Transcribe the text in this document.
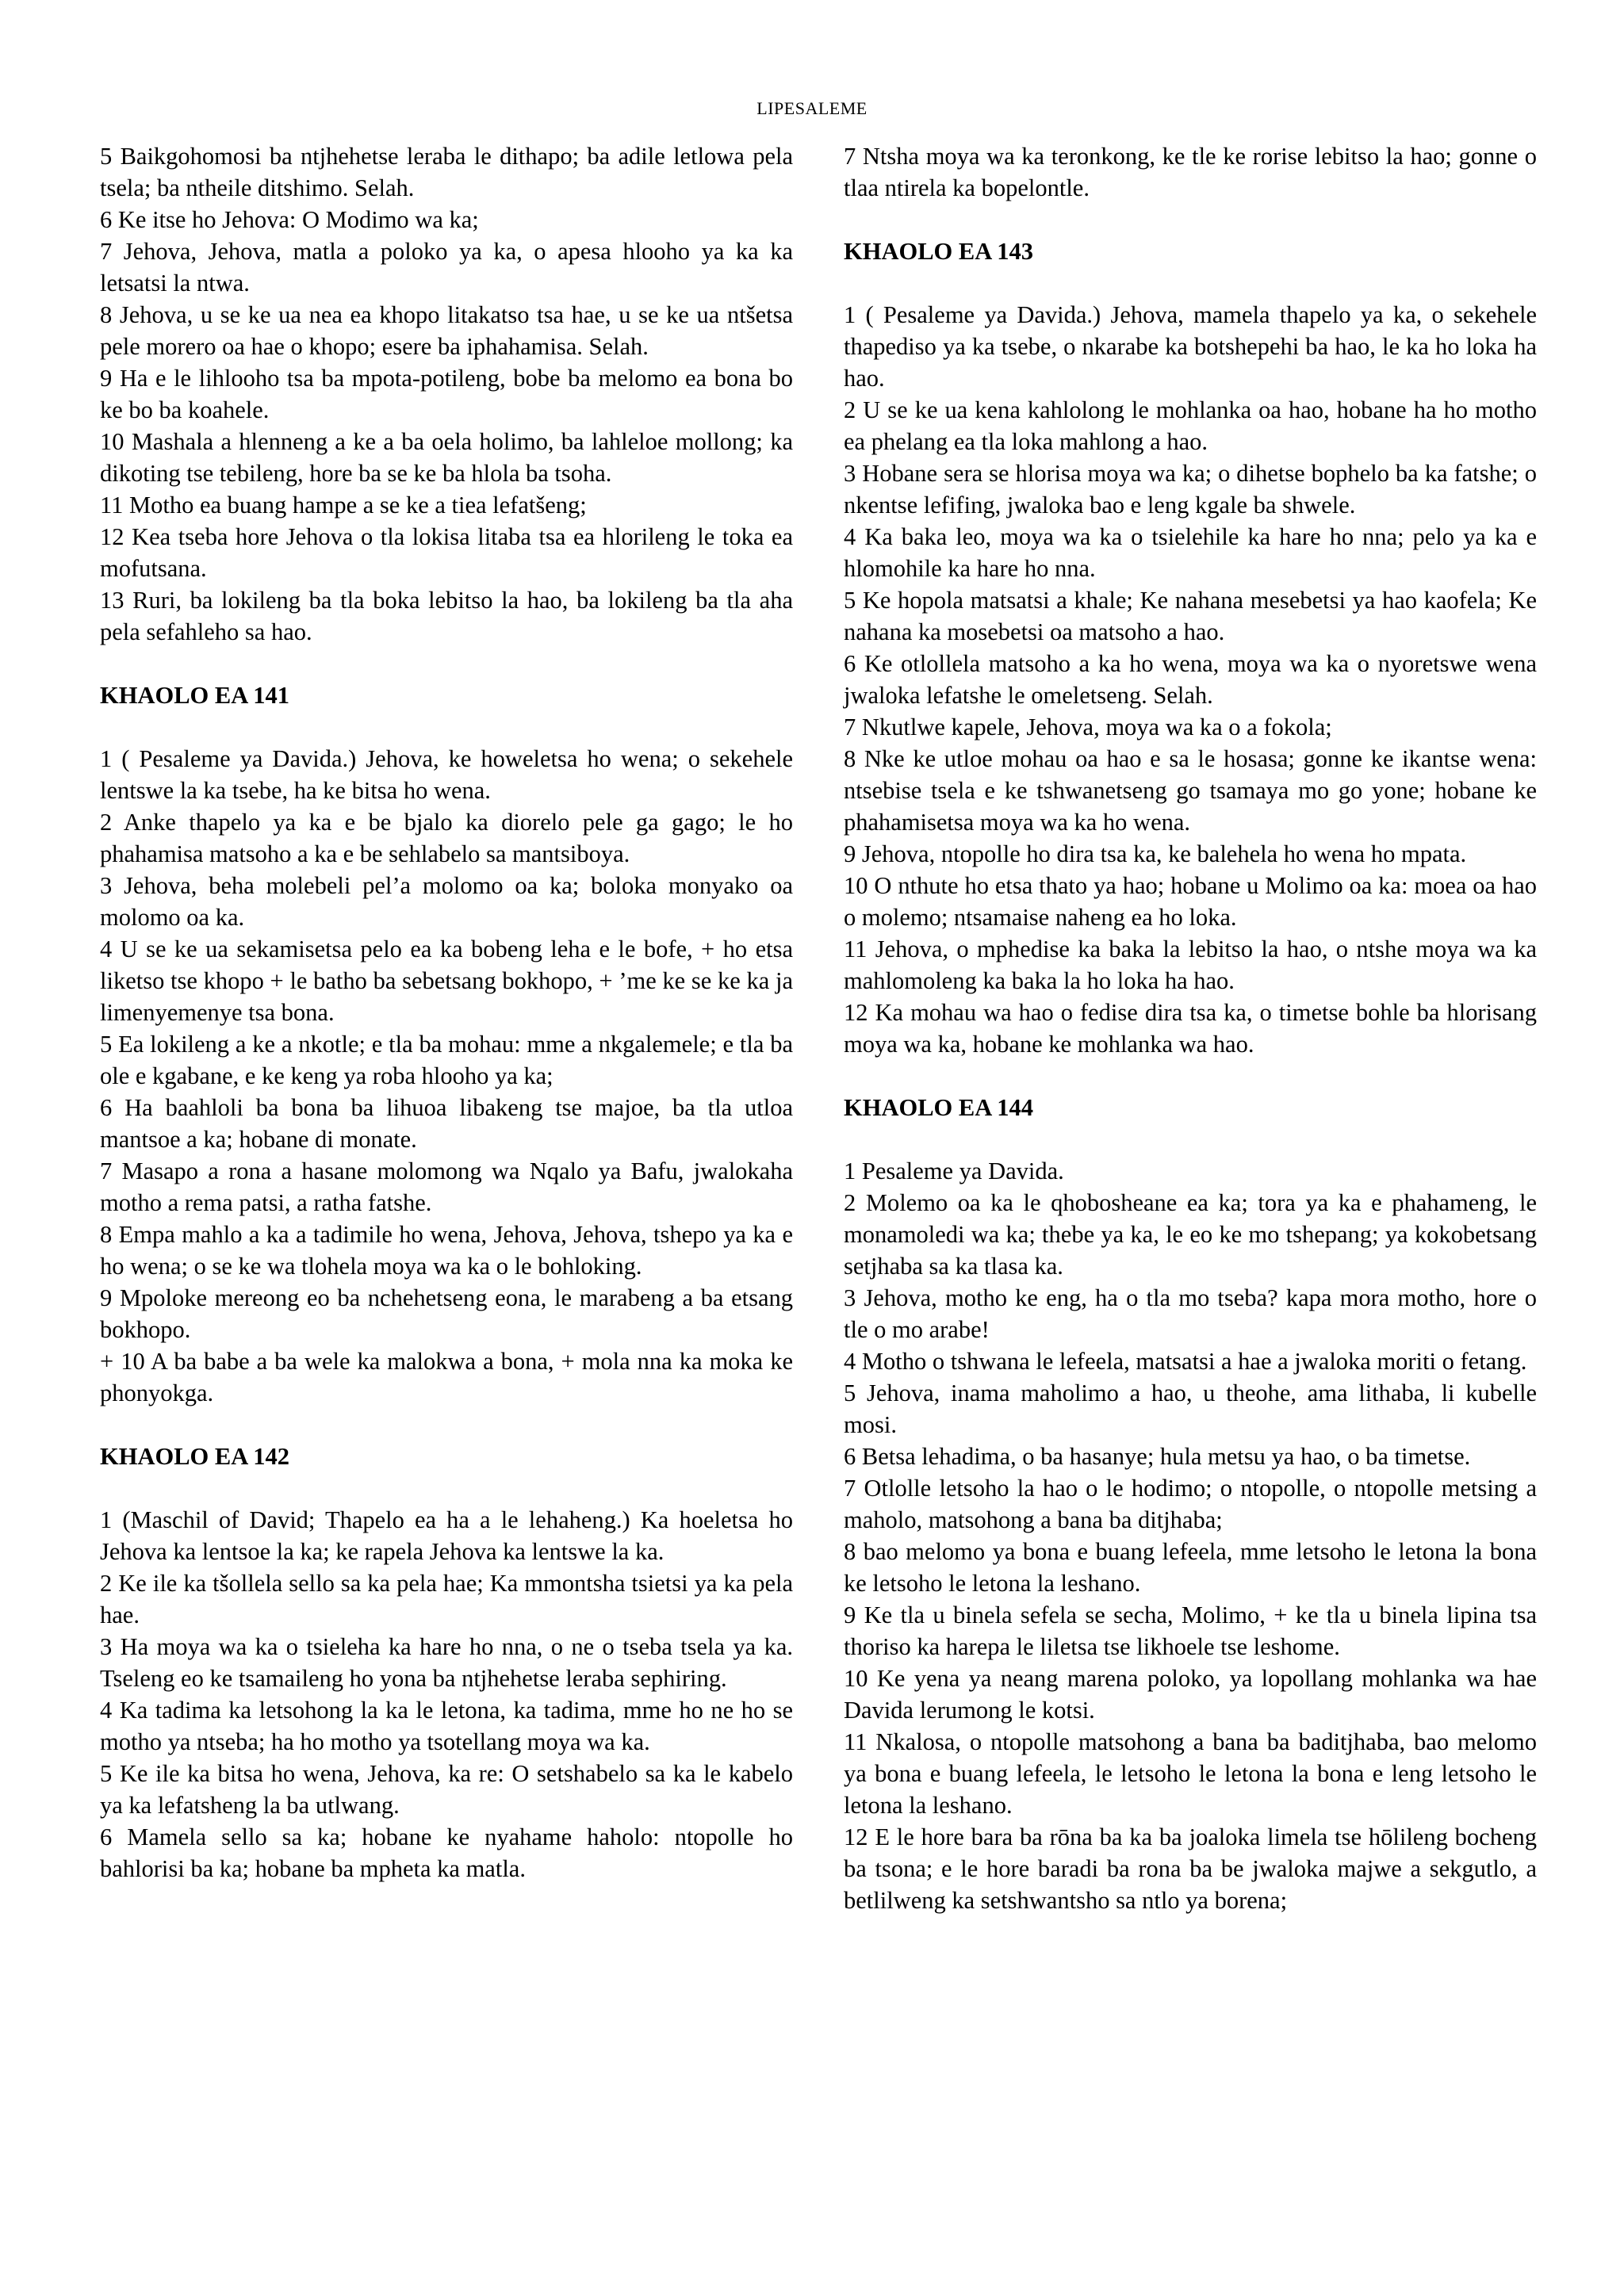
LIPESALEME

5 Baikgohomosi ba ntjhehetse leraba le dithapo; ba adile letlowa pela tsela; ba ntheile ditshimo. Selah.

6 Ke itse ho Jehova: O Modimo wa ka;

7 Jehova, Jehova, matla a poloko ya ka, o apesa hlooho ya ka ka letsatsi la ntwa.

8 Jehova, u se ke ua nea ea khopo litakatso tsa hae, u se ke ua ntšetsa pele morero oa hae o khopo; esere ba iphahamisa. Selah.

9 Ha e le lihlooho tsa ba mpota-potileng, bobe ba melomo ea bona bo ke bo ba koahele.

10 Mashala a hlenneng a ke a ba oela holimo, ba lahleloe mollong; ka dikoting tse tebileng, hore ba se ke ba hlola ba tsoha.

11 Motho ea buang hampe a se ke a tiea lefatšeng;

12 Kea tseba hore Jehova o tla lokisa litaba tsa ea hlorileng le toka ea mofutsana.

13 Ruri, ba lokileng ba tla boka lebitso la hao, ba lokileng ba tla aha pela sefahleho sa hao.

KHAOLO EA 141

1 ( Pesaleme ya Davida.) Jehova, ke howeletsa ho wena; o sekehele lentswe la ka tsebe, ha ke bitsa ho wena.

2 Anke thapelo ya ka e be bjalo ka diorelo pele ga gago; le ho phahamisa matsoho a ka e be sehlabelo sa mantsiboya.

3 Jehova, beha molebeli pel’a molomo oa ka; boloka monyako oa molomo oa ka.

4 U se ke ua sekamisetsa pelo ea ka bobeng leha e le bofe, + ho etsa liketso tse khopo + le batho ba sebetsang bokhopo, + ’me ke se ke ka ja limenyemenye tsa bona.

5 Ea lokileng a ke a nkotle; e tla ba mohau: mme a nkgalemele; e tla ba ole e kgabane, e ke keng ya roba hlooho ya ka;

6 Ha baahloli ba bona ba lihuoa libakeng tse majoe, ba tla utloa mantsoe a ka; hobane di monate.

7 Masapo a rona a hasane molomong wa Nqalo ya Bafu, jwalokaha motho a rema patsi, a ratha fatshe.

8 Empa mahlo a ka a tadimile ho wena, Jehova, Jehova, tshepo ya ka e ho wena; o se ke wa tlohela moya wa ka o le bohloking.

9 Mpoloke mereong eo ba nchehetseng eona, le marabeng a ba etsang bokhopo.

+ 10 A ba babe a ba wele ka malokwa a bona, + mola nna ka moka ke phonyokga.

KHAOLO EA 142

1 (Maschil of David; Thapelo ea ha a le lehaheng.) Ka hoeletsa ho Jehova ka lentsoe la ka; ke rapela Jehova ka lentswe la ka.

2 Ke ile ka tšollela sello sa ka pela hae; Ka mmontsha tsietsi ya ka pela hae.

3 Ha moya wa ka o tsieleha ka hare ho nna, o ne o tseba tsela ya ka. Tseleng eo ke tsamaileng ho yona ba ntjhehetse leraba sephiring.

4 Ka tadima ka letsohong la ka le letona, ka tadima, mme ho ne ho se motho ya ntseba; ha ho motho ya tsotellang moya wa ka.

5 Ke ile ka bitsa ho wena, Jehova, ka re: O setshabelo sa ka le kabelo ya ka lefatsheng la ba utlwang.

6 Mamela sello sa ka; hobane ke nyahame haholo: ntopolle ho bahlorisi ba ka; hobane ba mpheta ka matla.

7 Ntsha moya wa ka teronkong, ke tle ke rorise lebitso la hao; gonne o tlaa ntirela ka bopelontle.

KHAOLO EA 143

1 ( Pesaleme ya Davida.) Jehova, mamela thapelo ya ka, o sekehele thapediso ya ka tsebe, o nkarabe ka botshepehi ba hao, le ka ho loka ha hao.

2 U se ke ua kena kahlolong le mohlanka oa hao, hobane ha ho motho ea phelang ea tla loka mahlong a hao.

3 Hobane sera se hlorisa moya wa ka; o dihetse bophelo ba ka fatshe; o nkentse lefifing, jwaloka bao e leng kgale ba shwele.

4 Ka baka leo, moya wa ka o tsielehile ka hare ho nna; pelo ya ka e hlomohile ka hare ho nna.

5 Ke hopola matsatsi a khale; Ke nahana mesebetsi ya hao kaofela; Ke nahana ka mosebetsi oa matsoho a hao.

6 Ke otlollela matsoho a ka ho wena, moya wa ka o nyoretswe wena jwaloka lefatshe le omeletseng. Selah.

7 Nkutlwe kapele, Jehova, moya wa ka o a fokola;

8 Nke ke utloe mohau oa hao e sa le hosasa; gonne ke ikantse wena: ntsebise tsela e ke tshwanetseng go tsamaya mo go yone; hobane ke phahamisetsa moya wa ka ho wena.

9 Jehova, ntopolle ho dira tsa ka, ke balehela ho wena ho mpata.

10 O nthute ho etsa thato ya hao; hobane u Molimo oa ka: moea oa hao o molemo; ntsamaise naheng ea ho loka.

11 Jehova, o mphedise ka baka la lebitso la hao, o ntshe moya wa ka mahlomoleng ka baka la ho loka ha hao.

12 Ka mohau wa hao o fedise dira tsa ka, o timetse bohle ba hlorisang moya wa ka, hobane ke mohlanka wa hao.

KHAOLO EA 144

1 Pesaleme ya Davida.

2 Molemo oa ka le qhobosheane ea ka; tora ya ka e phahameng, le monamoledi wa ka; thebe ya ka, le eo ke mo tshepang; ya kokobetsang setjhaba sa ka tlasa ka.

3 Jehova, motho ke eng, ha o tla mo tseba? kapa mora motho, hore o tle o mo arabe!

4 Motho o tshwana le lefeela, matsatsi a hae a jwaloka moriti o fetang.

5 Jehova, inama maholimo a hao, u theohe, ama lithaba, li kubelle mosi.

6 Betsa lehadima, o ba hasanye; hula metsu ya hao, o ba timetse.

7 Otlolle letsoho la hao o le hodimo; o ntopolle, o ntopolle metsing a maholo, matsohong a bana ba ditjhaba;

8 bao melomo ya bona e buang lefeela, mme letsoho le letona la bona ke letsoho le letona la leshano.

9 Ke tla u binela sefela se secha, Molimo, + ke tla u binela lipina tsa thoriso ka harepa le liletsa tse likhoele tse leshome.

10 Ke yena ya neang marena poloko, ya lopollang mohlanka wa hae Davida lerumong le kotsi.

11 Nkalosa, o ntopolle matsohong a bana ba baditjhaba, bao melomo ya bona e buang lefeela, le letsoho le letona la bona e leng letsoho le letona la leshano.

12 E le hore bara ba rōna ba ka ba joaloka limela tse hōlileng bocheng ba tsona; e le hore baradi ba rona ba be jwaloka majwe a sekgutlo, a betlilweng ka setshwantsho sa ntlo ya borena;
